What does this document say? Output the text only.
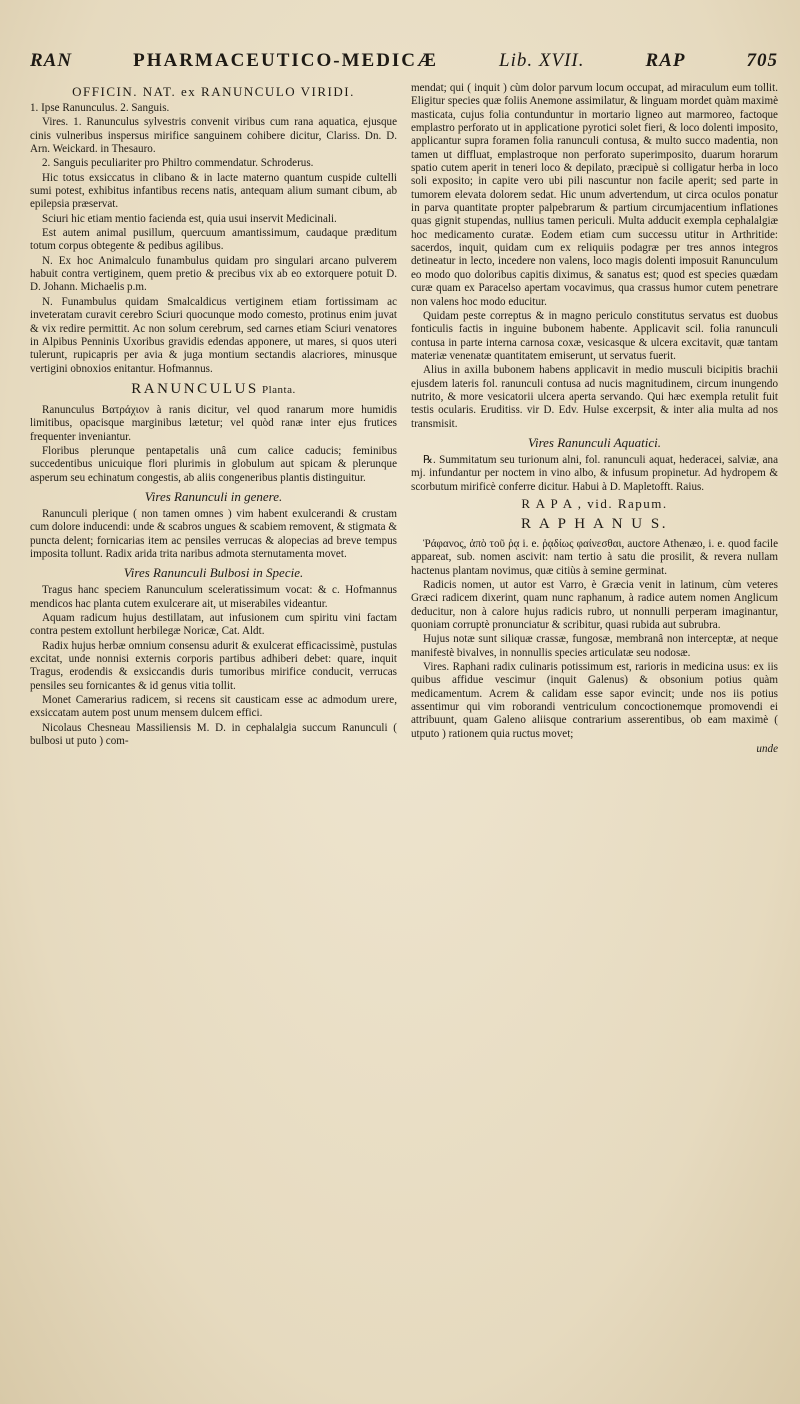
RAN	PHARMACEUTICO-MEDICÆ	Lib. XVII.	RAP	705
OFFICIN. NAT. ex RANUNCULO VIRIDI.

1. Ipse Ranunculus. 2. Sanguis.

Vires. 1. Ranunculus sylvestris convenit viribus cum rana aquatica, ejusque cinis vulneribus inspersus mirifice sanguinem cohibere dicitur, Clariss. Dn. D. Arn. Weickard. in Thesauro.

2. Sanguis peculiariter pro Philtro commendatur. Schroderus.

Hic totus exsiccatus in clibano & in lacte materno quantum cuspide cultelli sumi potest, exhibitus infantibus recens natis, antequam alium sumant cibum, ab epilepsia præservat.

Sciuri hic etiam mentio facienda est, quia usui inservit Medicinali.

Est autem animal pusillum, quercuum amantissimum, caudaque præditum totum corpus obtegente & pedibus agilibus.

N. Ex hoc Animalculo funambulus quidam pro singulari arcano pulverem habuit contra vertiginem, quem pretio & precibus vix ab eo extorquere potuit D. D. Johann. Michaelis p.m.

N. Funambulus quidam Smalcaldicus vertiginem etiam fortissimam ac inveteratam curavit cerebro Sciuri quocunque modo comesto, protinus enim juvat & vix redire permittit. Ac non solum cerebrum, sed carnes etiam Sciuri venatores in Alpibus Penninis Uxoribus gravidis edendas apponere, ut mares, si quos uteri tulerunt, rupicapris per avia & juga montium sectandis alacriores, minusque vertigini obnoxios enitantur. Hofmannus.

RANUNCULUS Planta.

Ranunculus Βατράχιον à ranis dicitur, vel quod ranarum more humidis limitibus, opacisque marginibus lætetur; vel quòd ranæ inter ejus frutices frequenter inveniantur.

Floribus plerunque pentapetalis unâ cum calice caducis; feminibus succedentibus unicuique flori plurimis in globulum aut spicam & plerunque asperum seu echinatum congestis, ab aliis congeneribus plantis distinguitur.

Vires Ranunculi in genere.

Ranunculi plerique ( non tamen omnes ) vim habent exulcerandi & crustam cum dolore inducendi: unde & scabros ungues & scabiem removent, & stigmata & puncta delent; fornicarias item ac pensiles verrucas & alopecias ad breve tempus imposita tollunt. Radix arida trita naribus admota sternutamenta movet.

Vires Ranunculi Bulbosi in Specie.

Tragus hanc speciem Ranunculum sceleratissimum vocat: & c. Hofmannus mendicos hac planta cutem exulcerare ait, ut miserabiles videantur.

Aquam radicum hujus destillatam, aut infusionem cum spiritu vini factam contra pestem extollunt herbilegæ Noricæ, Cat. Aldt.

Radix hujus herbæ omnium consensu adurit & exulcerat efficacissimè, pustulas excitat, unde nonnisi externis corporis partibus adhiberi debet: quare, inquit Tragus, erodendis & exsiccandis duris tumoribus mirifice conducit, verrucas pensiles seu fornicantes & id genus vitia tollit.

Monet Camerarius radicem, si recens sit causticam esse ac admodum urere, exsiccatam autem post unum mensem dulcem effici.

Nicolaus Chesneau Massiliensis M. D. in cephalalgia succum Ranunculi ( bulbosi ut puto ) com-

mendat; qui ( inquit ) cùm dolor parvum locum occupat, ad miraculum eum tollit. Eligitur species quæ foliis Anemone assimilatur, & linguam mordet quàm maximè masticata, cujus folia contunduntur in mortario ligneo aut marmoreo, factoque emplastro perforato ut in applicatione pyrotici solet fieri, & loco dolenti imposito, applicantur supra foramen folia ranunculi contusa, & multo succo madentia, non tamen ut diffluat, emplastroque non perforato superimposito, duarum horarum spatio cutem aperit in teneri loco & depilato, præcipuè si colligatur herba in loco soli exposito; in capite vero ubi pili nascuntur non facile aperit; sed parte in tumorem elevata dolorem sedat. Hic unum advertendum, ut circa oculos ponatur in parva quantitate propter palpebrarum & partium circumjacentium inflationes quas gignit stupendas, nullius tamen periculi. Multa adducit exempla cephalalgiæ hoc medicamento curatæ. Eodem etiam cum successu utitur in Arthritide: sacerdos, inquit, quidam cum ex reliquiis podagræ per tres annos integros detineatur in lecto, incedere non valens, loco magis dolenti imposuit Ranunculum eo modo quo doloribus capitis diximus, & sanatus est; quod est species quædam curæ quam ex Paracelso apertam vocavimus, qua crassus humor cutem penetrare non valens hoc modo educitur.

Quidam peste correptus & in magno periculo constitutus servatus est duobus fonticulis factis in inguine bubonem habente. Applicavit scil. folia ranunculi contusa in parte interna carnosa coxæ, vesicasque & ulcera excitavit, quæ tantam materiæ venenatæ quantitatem emiserunt, ut servatus fuerit.

Alius in axilla bubonem habens applicavit in medio musculi bicipitis brachii ejusdem lateris fol. ranunculi contusa ad nucis magnitudinem, circum inungendo nutrito, & more vesicatorii ulcera aperta servando. Qui hæc exempla retulit fuit testis ocularis. Eruditiss. vir D. Edv. Hulse excerpsit, & inter alia multa ad nos transmisit.

Vires Ranunculi Aquatici.

℞. Summitatum seu turionum alni, fol. ranunculi aquat, hederacei, salviæ, ana mj. infundantur per noctem in vino albo, & infusum propinetur. Ad hydropem & scorbutum mirificè conferre dicitur. Habui à D. Mapletofft. Raius.

R A P A , vid. Rapum.
R A P H A N U S.

Ῥάφανος, ἀπὸ τοῦ ῥᾳ i. e. ῥᾳδίως φαίνεσθαι, auctore Athenæo, i. e. quod facile appareat, sub. nomen ascivit: nam tertio à satu die prosilit, & revera nullam hactenus plantam novimus, quæ citiùs à semine germinat.

Radicis nomen, ut autor est Varro, è Græcia venit in latinum, cùm veteres Græci radicem dixerint, quam nunc raphanum, à radice autem nomen Anglicum deducitur, non à calore hujus radicis rubro, ut nonnulli perperam imaginantur, quoniam corruptè pronunciatur & scribitur, quasi rubida aut subrubra.

Hujus notæ sunt siliquæ crassæ, fungosæ, membranâ non interceptæ, at neque manifestè bivalves, in nonnullis species articulatæ seu nodosæ.

Vires. Raphani radix culinaris potissimum est, rarioris in medicina usus: ex iis quibus affidue vescimur (inquit Galenus) & obsonium potius quàm medicamentum. Acrem & calidam esse sapor evincit; unde nos iis potius assentimur qui vim roborandi ventriculum concoctionemque promovendi ei attribuunt, quam Galeno aliisque contrarium asserentibus, ob eam maximè ( utputo ) rationem quia ructus movet;

unde
